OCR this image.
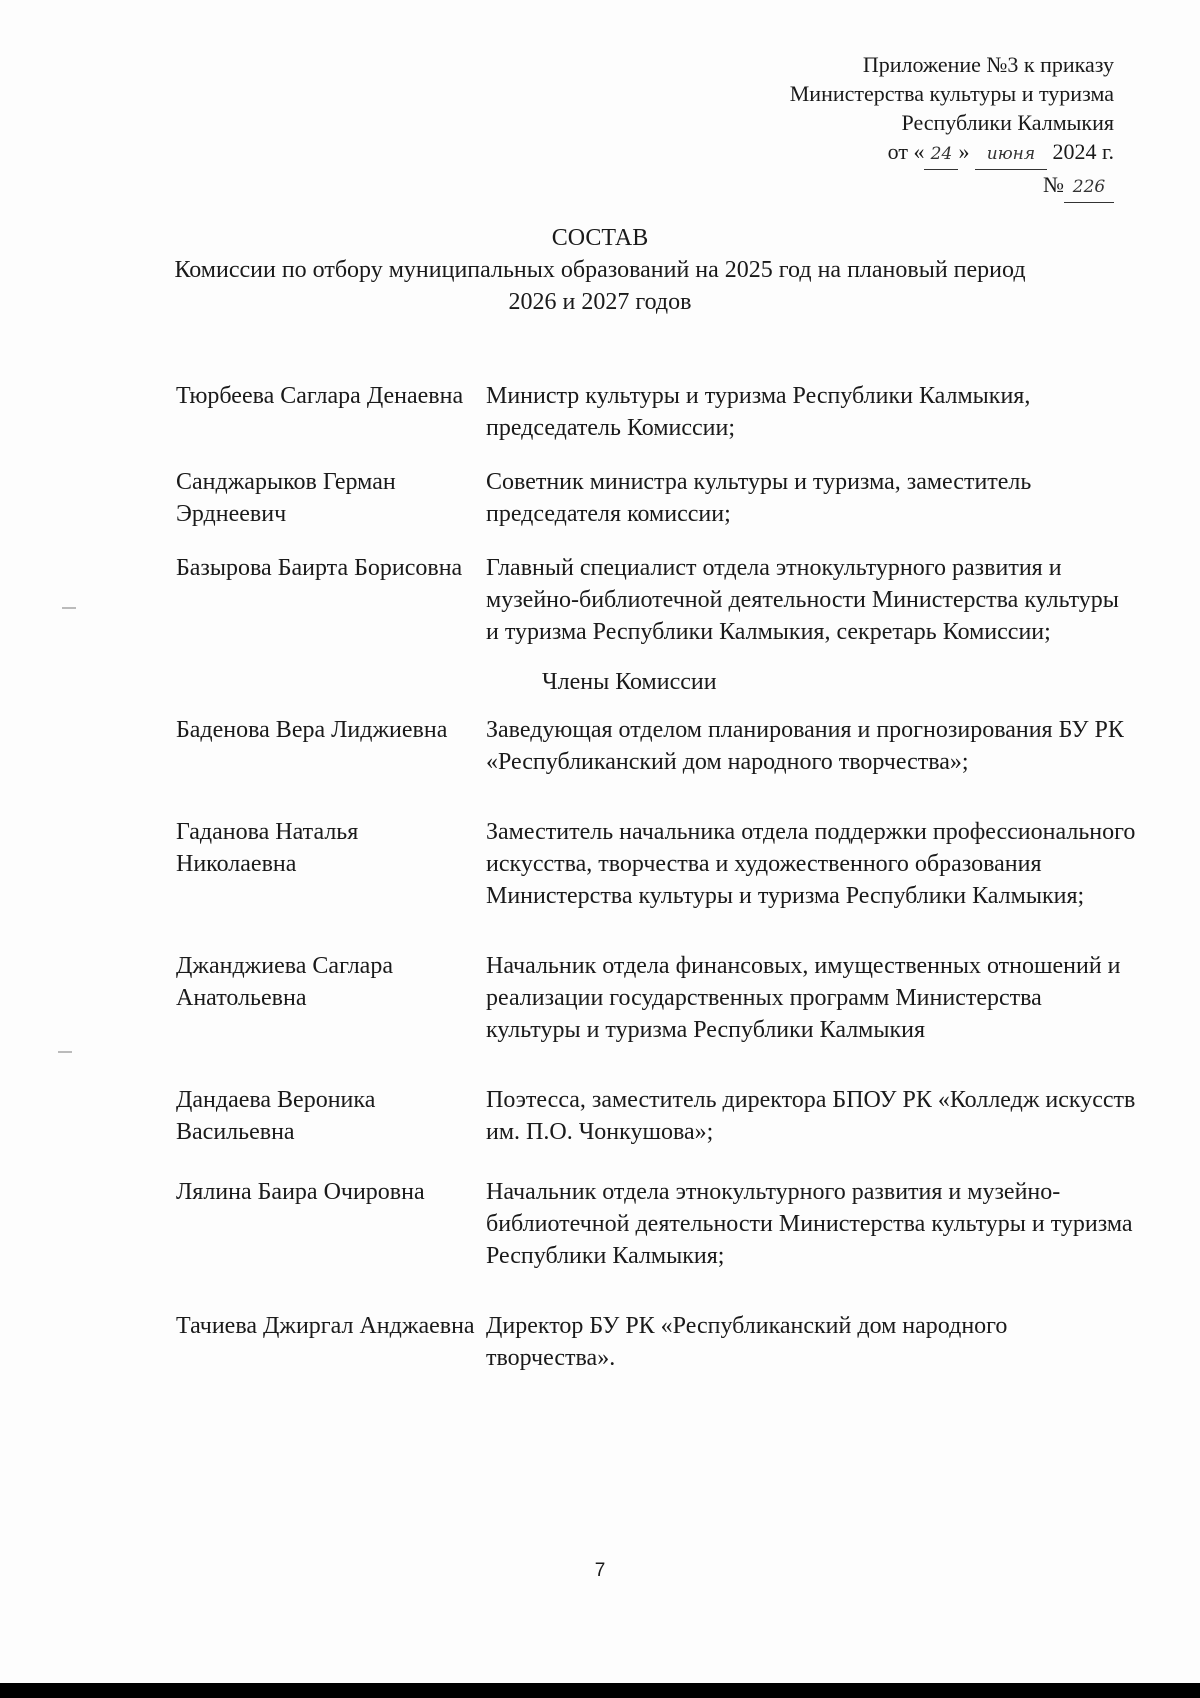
Приложение №3 к приказу
Министерства культуры и туризма
Республики Калмыкия
от « 24 » июня 2024 г.
№ 226
СОСТАВ
Комиссии по отбору муниципальных образований на 2025 год на плановый период 2026 и 2027 годов
Тюрбеева Саглара Денаевна Министр культуры и туризма Республики Калмыкия, председатель Комиссии;
Санджарыков Герман Эрднеевич
Советник министра культуры и туризма, заместитель председателя комиссии;
Базырова Баирта Борисовна Главный специалист отдела этнокультурного развития и музейно-библиотечной деятельности Министерства культуры и туризма Республики Калмыкия, секретарь Комиссии;
Члены Комиссии
Баденова Вера Лиджиевна	Заведующая отделом планирования и прогнозирования БУ РК «Республиканский дом народного творчества»;
Гаданова Наталья Николаевна
Заместитель начальника отдела поддержки профессионального искусства, творчества и художественного образования Министерства культуры и туризма Республики Калмыкия;
Джанджиева Саглара Анатольевна
Начальник отдела финансовых, имущественных отношений и реализации государственных программ Министерства культуры и туризма Республики Калмыкия
Дандаева Вероника Васильевна
Поэтесса, заместитель директора БПОУ РК «Колледж искусств им. П.О. Чонкушова»;
Лялина Баира Очировна	Начальник отдела этнокультурного развития и музейно-библиотечной деятельности Министерства культуры и туризма Республики Калмыкия;
Тачиева Джиргал Анджаевна Директор БУ РК «Республиканский дом народного творчества».
7
